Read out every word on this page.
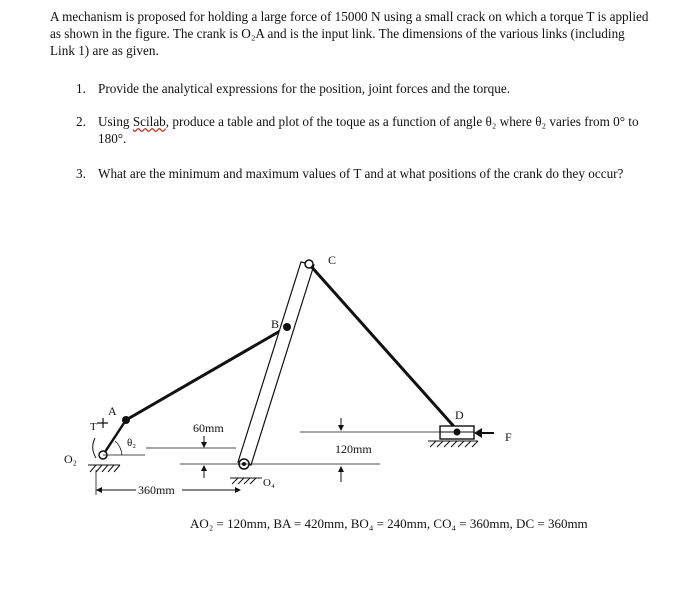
A mechanism is proposed for holding a large force of 15000 N using a small crack on which a torque T is applied as shown in the figure. The crank is O₂A and is the input link. The dimensions of the various links (including Link 1) are as given.

1. Provide the analytical expressions for the position, joint forces and the torque.
2. Using Scilab, produce a table and plot of the toque as a function of angle θ₂ where θ₂ varies from 0° to 180°.
3. What are the minimum and maximum values of T and at what positions of the crank do they occur?
C
B
A	D
T
F
θ₂
O₂
O₄
60mm
120mm
360mm
AO₂ = 120mm, BA = 420mm, BO₄ = 240mm, CO₄ = 360mm, DC = 360mm
